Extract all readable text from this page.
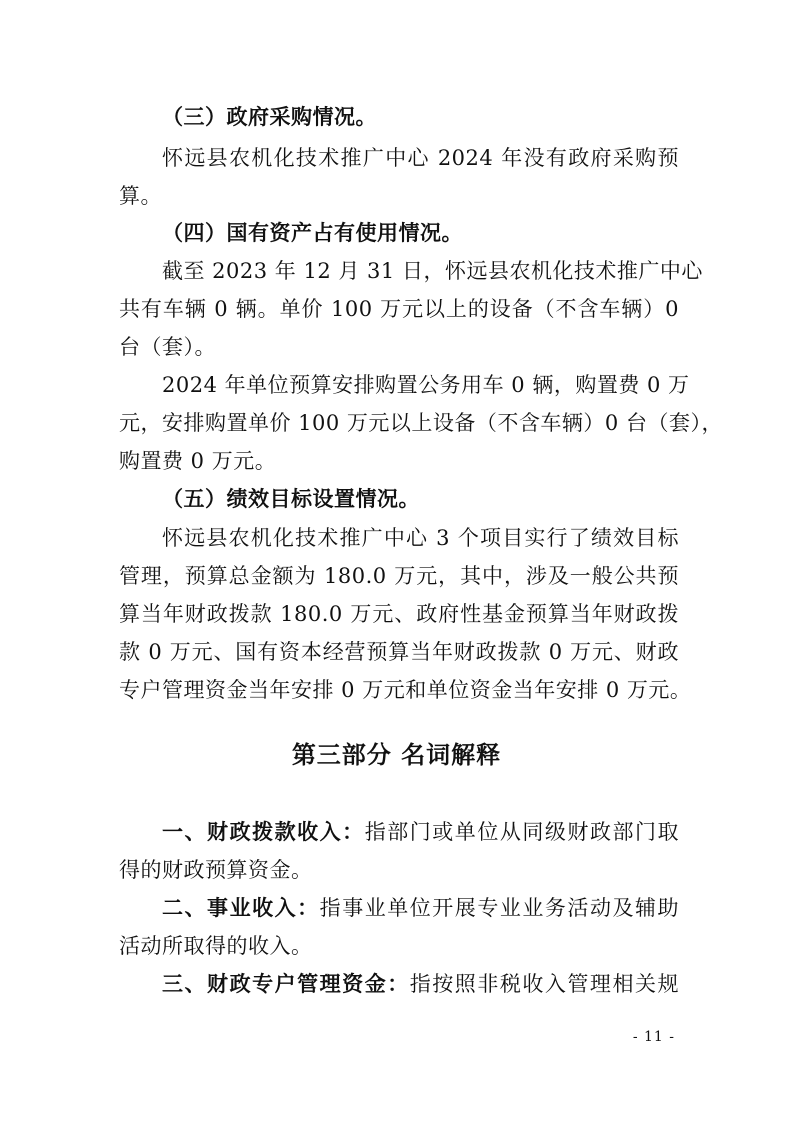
（三）政府采购情况。
怀远县农机化技术推广中心 2024 年没有政府采购预
算。
（四）国有资产占有使用情况。
截至 2023 年 12 月 31 日，怀远县农机化技术推广中心
共有车辆 0 辆。单价 100 万元以上的设备（不含车辆）0
台（套）。
2024 年单位预算安排购置公务用车 0 辆，购置费 0 万
元，安排购置单价 100 万元以上设备（不含车辆）0 台（套），
购置费 0 万元。
（五）绩效目标设置情况。
怀远县农机化技术推广中心 3 个项目实行了绩效目标
管理，预算总金额为 180.0 万元，其中，涉及一般公共预
算当年财政拨款 180.0 万元、政府性基金预算当年财政拨
款 0 万元、国有资本经营预算当年财政拨款 0 万元、财政
专户管理资金当年安排 0 万元和单位资金当年安排 0 万元。
第三部分 名词解释
一、财政拨款收入：指部门或单位从同级财政部门取
得的财政预算资金。
二、事业收入：指事业单位开展专业业务活动及辅助
活动所取得的收入。
三、财政专户管理资金：指按照非税收入管理相关规
- 11 -
